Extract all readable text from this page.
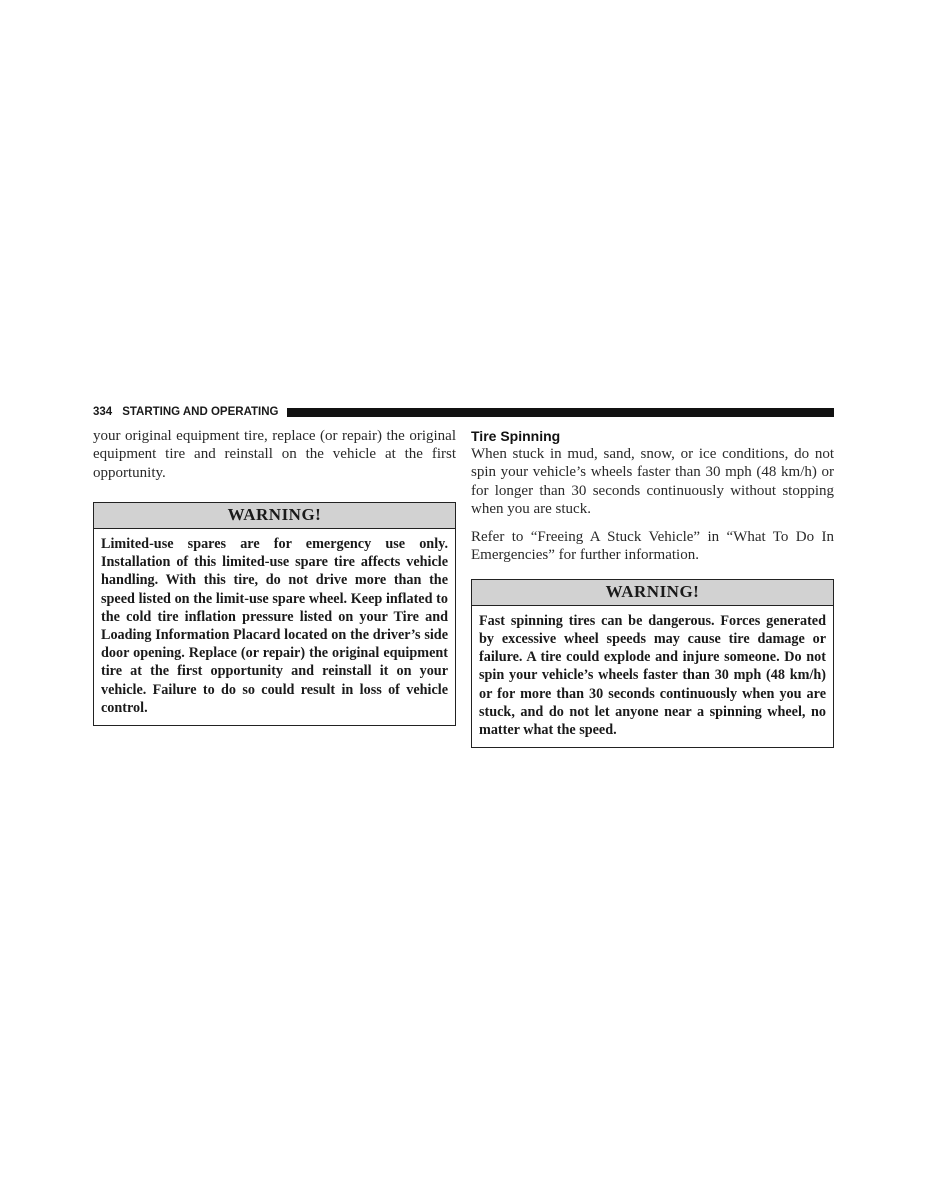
334 STARTING AND OPERATING

your original equipment tire, replace (or repair) the original equipment tire and reinstall on the vehicle at the first opportunity.

WARNING!

Limited-use spares are for emergency use only. Installation of this limited-use spare tire affects vehicle handling. With this tire, do not drive more than the speed listed on the limit-use spare wheel. Keep inflated to the cold tire inflation pressure listed on your Tire and Loading Information Placard located on the driver’s side door opening. Replace (or repair) the original equipment tire at the first opportunity and reinstall it on your vehicle. Failure to do so could result in loss of vehicle control.

Tire Spinning

When stuck in mud, sand, snow, or ice conditions, do not spin your vehicle’s wheels faster than 30 mph (48 km/h) or for longer than 30 seconds continuously without stopping when you are stuck.

Refer to “Freeing A Stuck Vehicle” in “What To Do In Emergencies” for further information.

WARNING!

Fast spinning tires can be dangerous. Forces generated by excessive wheel speeds may cause tire damage or failure. A tire could explode and injure someone. Do not spin your vehicle’s wheels faster than 30 mph (48 km/h) or for more than 30 seconds continuously when you are stuck, and do not let anyone near a spinning wheel, no matter what the speed.
